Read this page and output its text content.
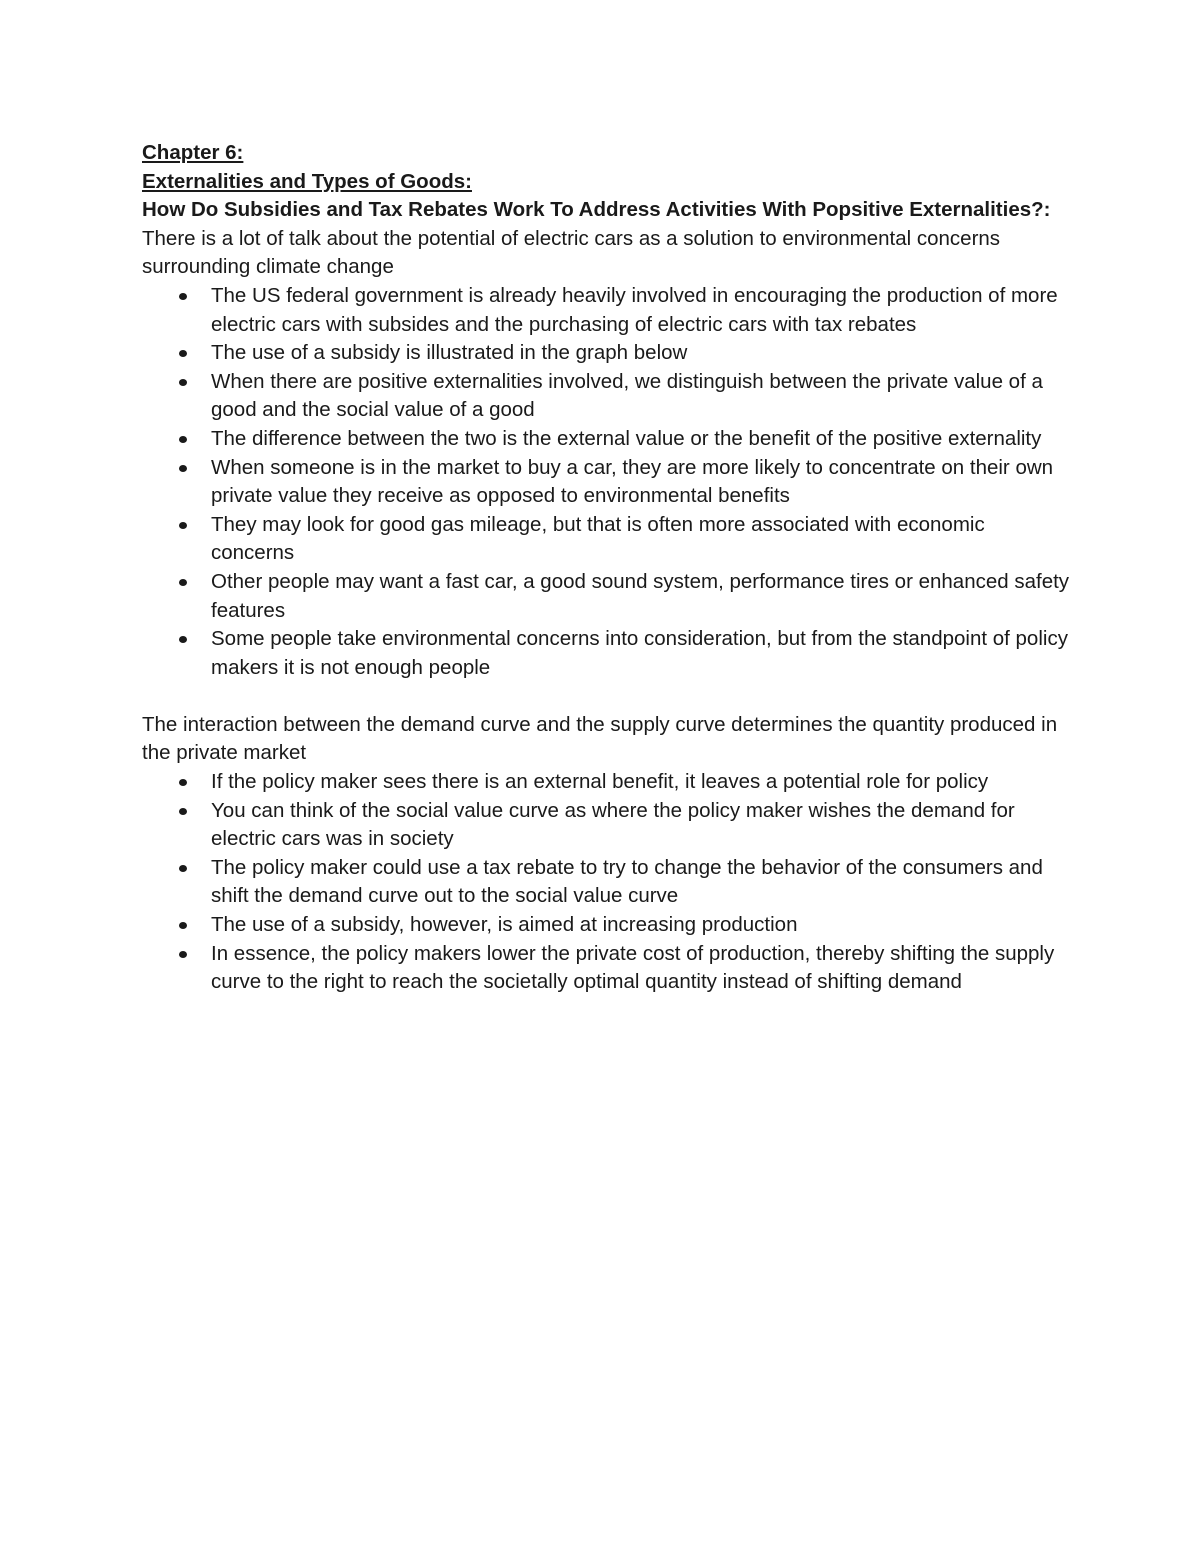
Chapter 6:

Externalities and Types of Goods:

How Do Subsidies and Tax Rebates Work To Address Activities With Popsitive Externalities?:

There is a lot of talk about the potential of electric cars as a solution to environmental concerns surrounding climate change

The US federal government is already heavily involved in encouraging the production of more electric cars with subsides and the purchasing of electric cars with tax rebates
The use of a subsidy is illustrated in the graph below
When there are positive externalities involved, we distinguish between the private value of a good and the social value of a good
The difference between the two is the external value or the benefit of the positive externality
When someone is in the market to buy a car, they are more likely to concentrate on their own private value they receive as opposed to environmental benefits
They may look for good gas mileage, but that is often more associated with economic concerns
Other people may want a fast car, a good sound system, performance tires or enhanced safety features
Some people take environmental concerns into consideration, but from the standpoint of policy makers it is not enough people

The interaction between the demand curve and the supply curve determines the quantity produced in the private market

If the policy maker sees there is an external benefit, it leaves a potential role for policy
You can think of the social value curve as where the policy maker wishes the demand for electric cars was in society
The policy maker could use a tax rebate to try to change the behavior of the consumers and shift the demand curve out to the social value curve
The use of a subsidy, however, is aimed at increasing production
In essence, the policy makers lower the private cost of production, thereby shifting the supply curve to the right to reach the societally optimal quantity instead of shifting demand
